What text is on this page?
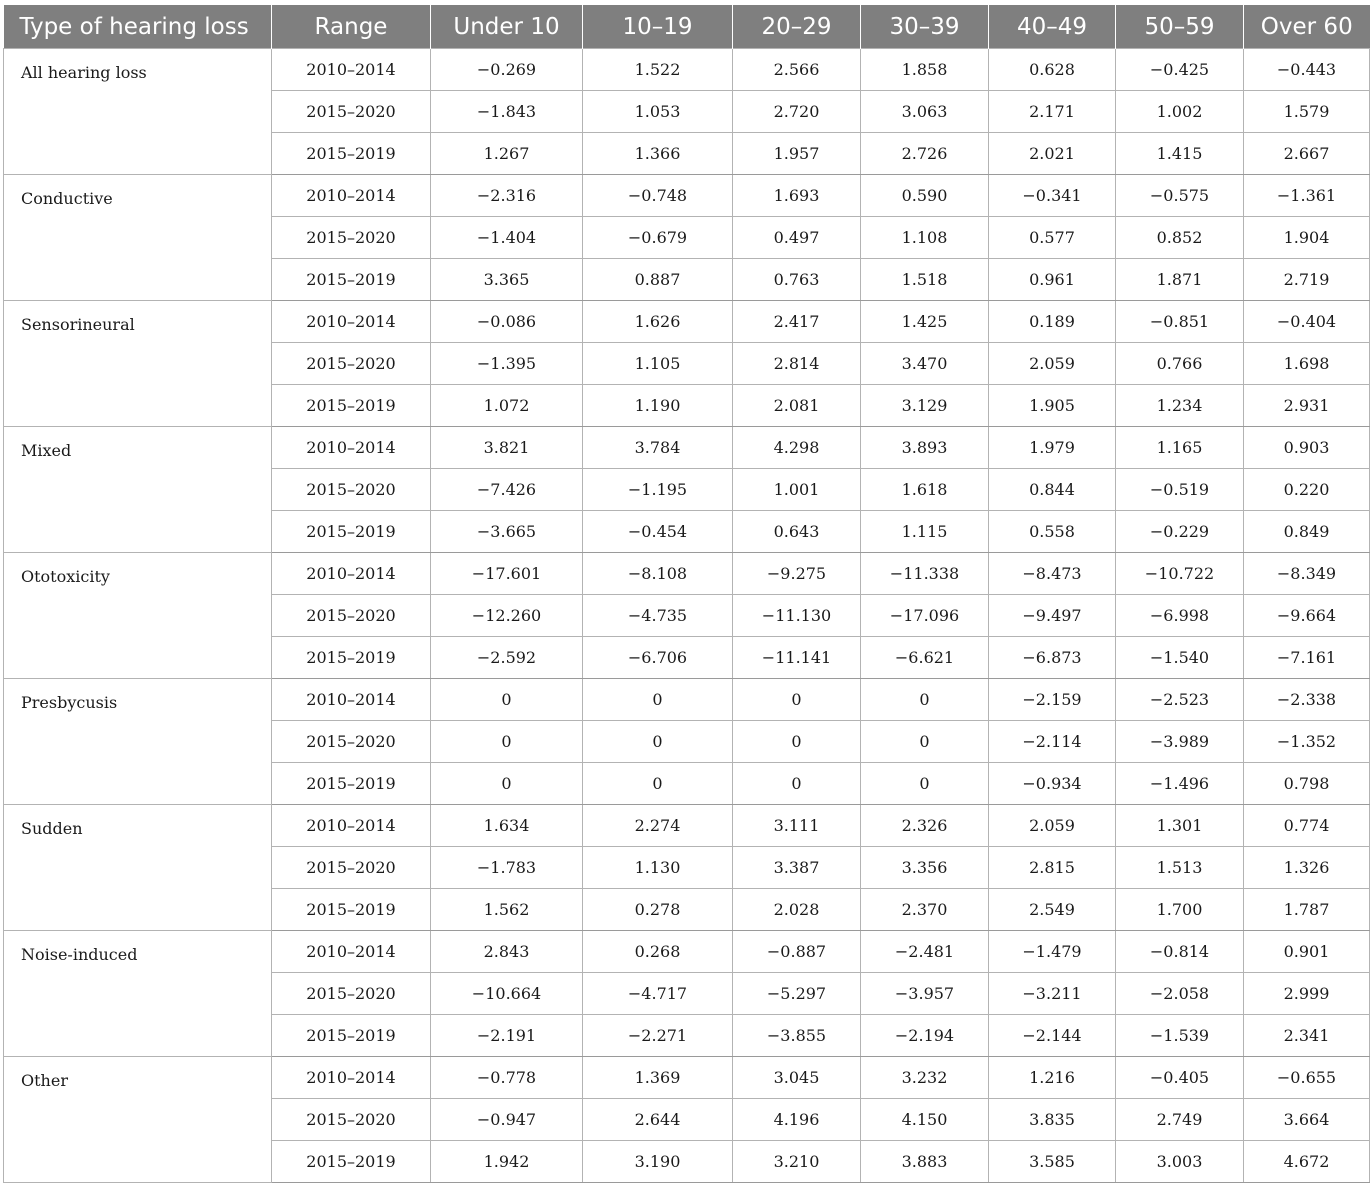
Type of hearing loss	Range	Under 10	10–19	20–29	30–39	40–49	50–59	Over 60
All hearing loss	2010–2014	−0.269	1.522	2.566	1.858	0.628	−0.425	−0.443
	2015–2020	−1.843	1.053	2.720	3.063	2.171	1.002	1.579
	2015–2019	1.267	1.366	1.957	2.726	2.021	1.415	2.667
Conductive	2010–2014	−2.316	−0.748	1.693	0.590	−0.341	−0.575	−1.361
	2015–2020	−1.404	−0.679	0.497	1.108	0.577	0.852	1.904
	2015–2019	3.365	0.887	0.763	1.518	0.961	1.871	2.719
Sensorineural	2010–2014	−0.086	1.626	2.417	1.425	0.189	−0.851	−0.404
	2015–2020	−1.395	1.105	2.814	3.470	2.059	0.766	1.698
	2015–2019	1.072	1.190	2.081	3.129	1.905	1.234	2.931
Mixed	2010–2014	3.821	3.784	4.298	3.893	1.979	1.165	0.903
	2015–2020	−7.426	−1.195	1.001	1.618	0.844	−0.519	0.220
	2015–2019	−3.665	−0.454	0.643	1.115	0.558	−0.229	0.849
Ototoxicity	2010–2014	−17.601	−8.108	−9.275	−11.338	−8.473	−10.722	−8.349
	2015–2020	−12.260	−4.735	−11.130	−17.096	−9.497	−6.998	−9.664
	2015–2019	−2.592	−6.706	−11.141	−6.621	−6.873	−1.540	−7.161
Presbycusis	2010–2014	0	0	0	0	−2.159	−2.523	−2.338
	2015–2020	0	0	0	0	−2.114	−3.989	−1.352
	2015–2019	0	0	0	0	−0.934	−1.496	0.798
Sudden	2010–2014	1.634	2.274	3.111	2.326	2.059	1.301	0.774
	2015–2020	−1.783	1.130	3.387	3.356	2.815	1.513	1.326
	2015–2019	1.562	0.278	2.028	2.370	2.549	1.700	1.787
Noise-induced	2010–2014	2.843	0.268	−0.887	−2.481	−1.479	−0.814	0.901
	2015–2020	−10.664	−4.717	−5.297	−3.957	−3.211	−2.058	2.999
	2015–2019	−2.191	−2.271	−3.855	−2.194	−2.144	−1.539	2.341
Other	2010–2014	−0.778	1.369	3.045	3.232	1.216	−0.405	−0.655
	2015–2020	−0.947	2.644	4.196	4.150	3.835	2.749	3.664
	2015–2019	1.942	3.190	3.210	3.883	3.585	3.003	4.672
